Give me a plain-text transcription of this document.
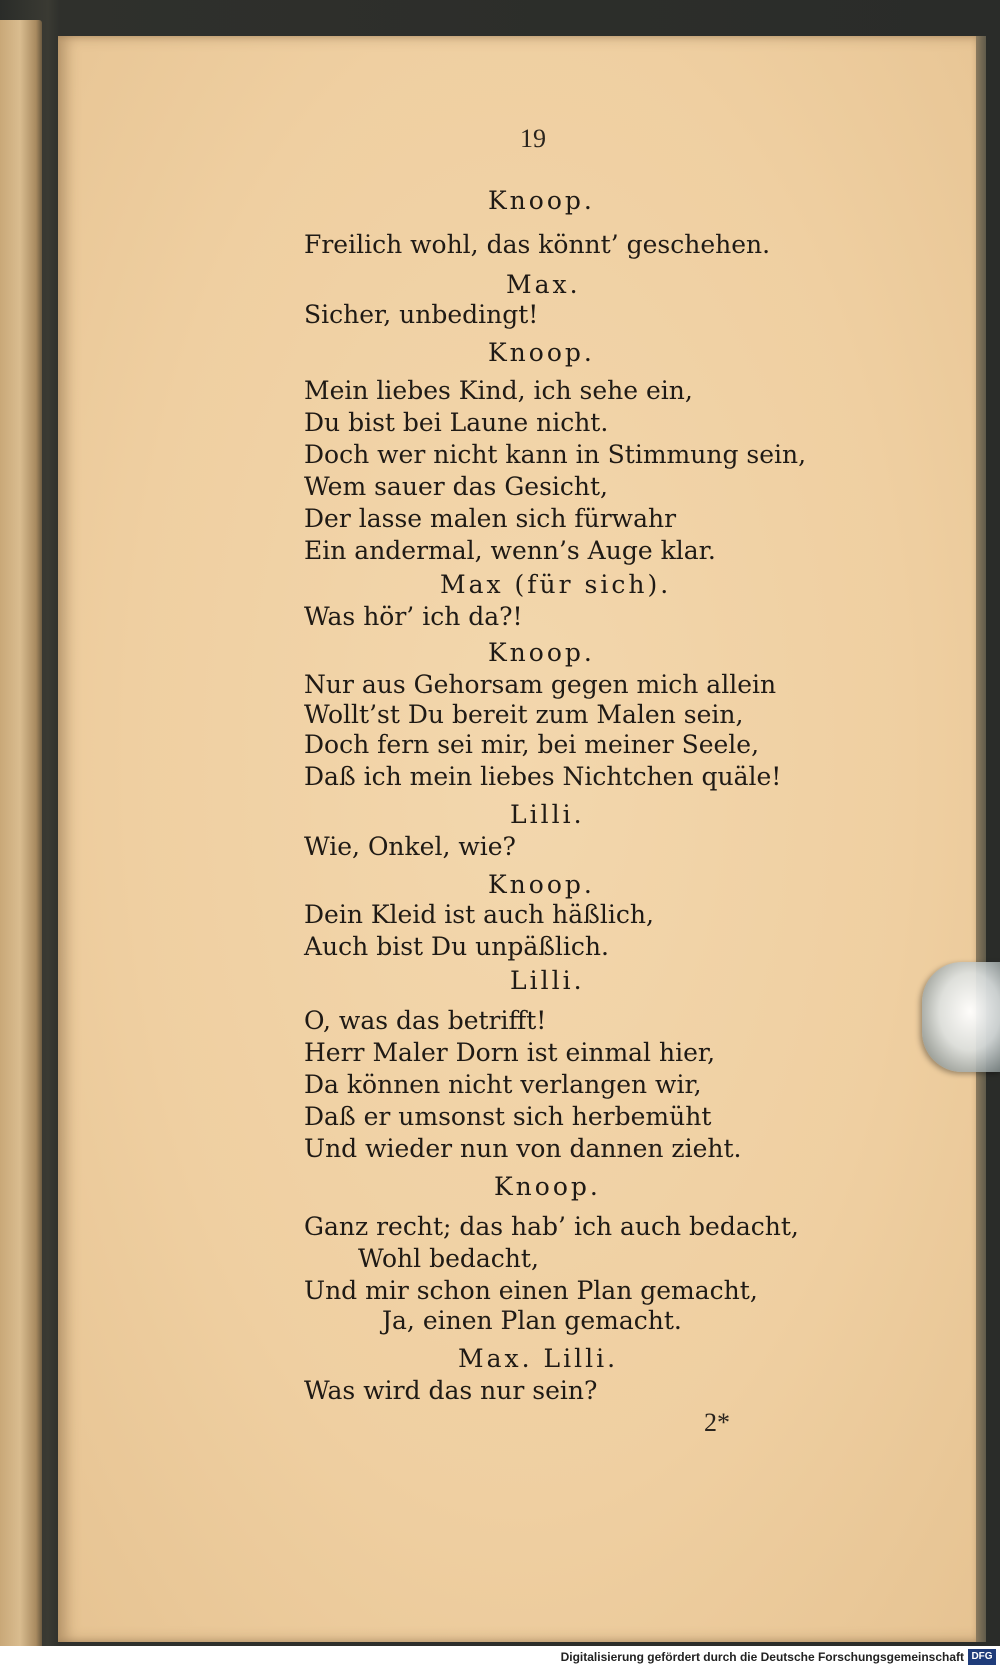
19
Knoop.
Freilich wohl, das könnt’ geschehen.
Max.
Sicher, unbedingt!
Knoop.
Mein liebes Kind, ich sehe ein,
Du bist bei Laune nicht.
Doch wer nicht kann in Stimmung sein,
Wem sauer das Gesicht,
Der lasse malen sich fürwahr
Ein andermal, wenn’s Auge klar.
Max (für sich).
Was hör’ ich da?!
Knoop.
Nur aus Gehorsam gegen mich allein
Wollt’st Du bereit zum Malen sein,
Doch fern sei mir, bei meiner Seele,
Daß ich mein liebes Nichtchen quäle!
Lilli.
Wie, Onkel, wie?
Knoop.
Dein Kleid ist auch häßlich,
Auch bist Du unpäßlich.
Lilli.
O, was das betrifft!
Herr Maler Dorn ist einmal hier,
Da können nicht verlangen wir,
Daß er umsonst sich herbemüht
Und wieder nun von dannen zieht.
Knoop.
Ganz recht; das hab’ ich auch bedacht,
Wohl bedacht,
Und mir schon einen Plan gemacht,
Ja, einen Plan gemacht.
Max. Lilli.
Was wird das nur sein?
2*
Digitalisierung gefördert durch die Deutsche Forschungsgemeinschaft DFG
